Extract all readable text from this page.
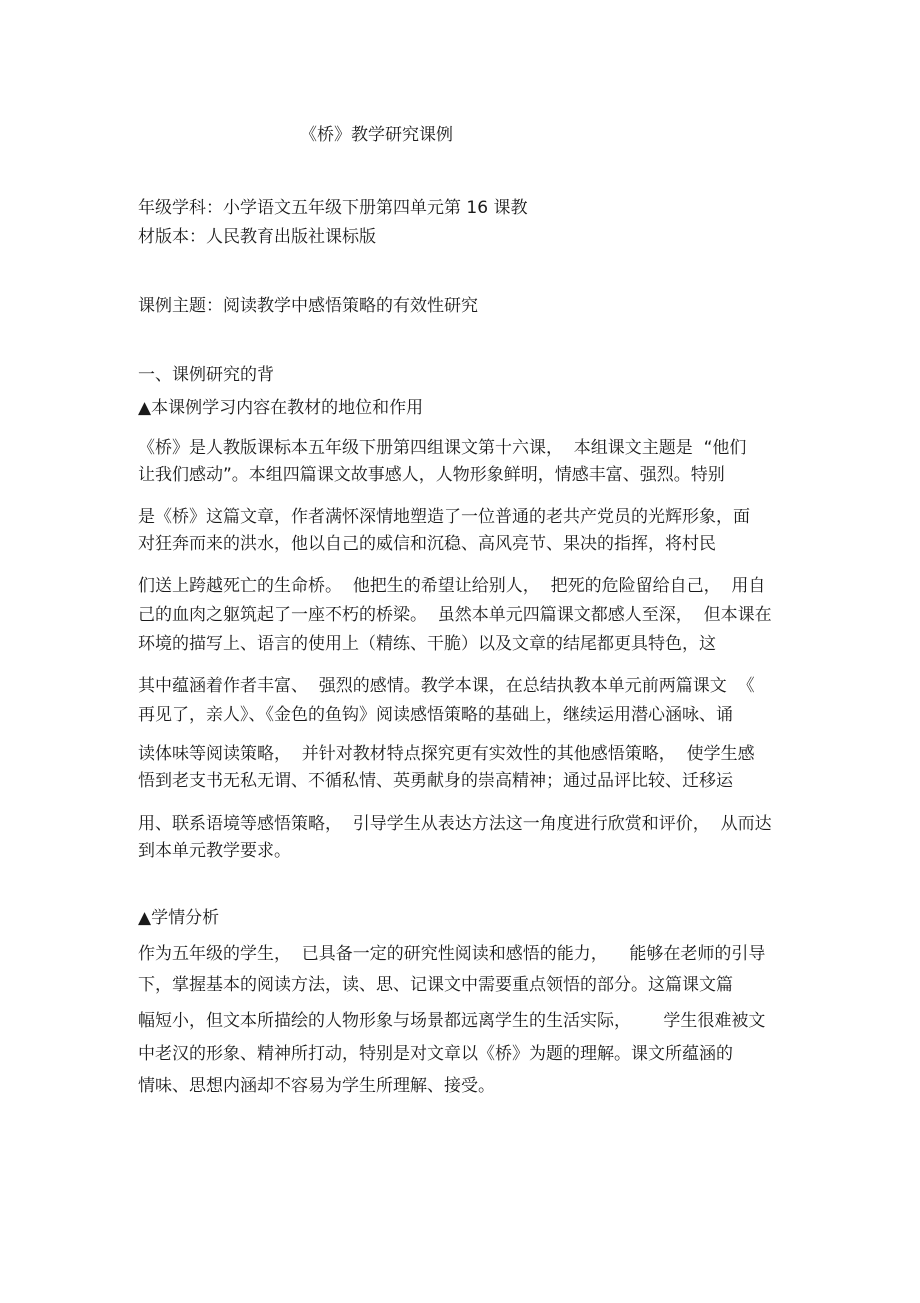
《桥》教学研究课例
年级学科：小学语文五年级下册第四单元第 16 课教
材版本：人民教育出版社课标版
课例主题：阅读教学中感悟策略的有效性研究
一、课例研究的背
▲本课例学习内容在教材的地位和作用
《桥》是人教版课标本五年级下册第四组课文第十六课，  本组课文主题是  “他们
让我们感动”。本组四篇课文故事感人，人物形象鲜明，情感丰富、强烈。特别
是《桥》这篇文章，作者满怀深情地塑造了一位普通的老共产党员的光辉形象，面
对狂奔而来的洪水，他以自己的威信和沉稳、高风亮节、果决的指挥，将村民
们送上跨越死亡的生命桥。  他把生的希望让给别人，  把死的危险留给自己，  用自
己的血肉之躯筑起了一座不朽的桥梁。  虽然本单元四篇课文都感人至深，  但本课在
环境的描写上、语言的使用上（精练、干脆）以及文章的结尾都更具特色，这
其中蕴涵着作者丰富、  强烈的感情。教学本课，在总结执教本单元前两篇课文  《
再见了，亲人》、《金色的鱼钩》阅读感悟策略的基础上，继续运用潜心涵咏、诵
读体味等阅读策略，  并针对教材特点探究更有实效性的其他感悟策略，  使学生感
悟到老支书无私无谓、不循私情、英勇献身的崇高精神；通过品评比较、迁移运
用、联系语境等感悟策略，  引导学生从表达方法这一角度进行欣赏和评价，  从而达
到本单元教学要求。
▲学情分析
作为五年级的学生，  已具备一定的研究性阅读和感悟的能力，    能够在老师的引导
下，掌握基本的阅读方法，读、思、记课文中需要重点领悟的部分。这篇课文篇
幅短小，但文本所描绘的人物形象与场景都远离学生的生活实际，      学生很难被文
中老汉的形象、精神所打动，特别是对文章以《桥》为题的理解。课文所蕴涵的
情味、思想内涵却不容易为学生所理解、接受。
